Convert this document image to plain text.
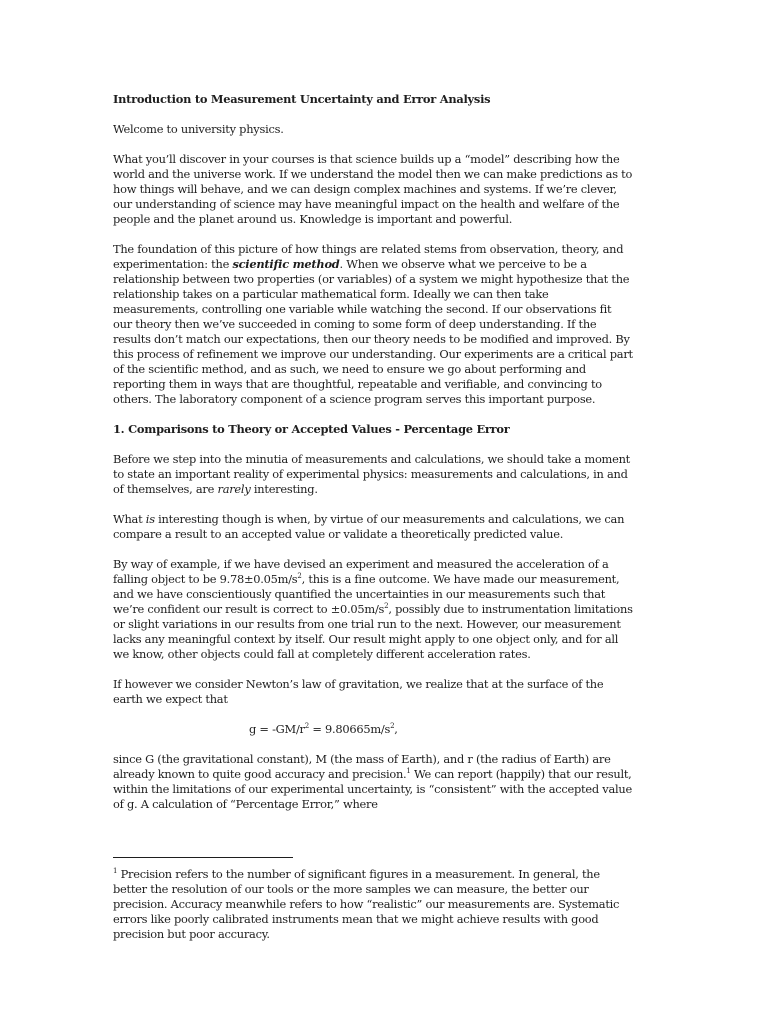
Introduction to Measurement Uncertainty and Error Analysis

Welcome to university physics.

What you’ll discover in your courses is that science builds up a “model” describing how the world and the universe work. If we understand the model then we can make predictions as to how things will behave, and we can design complex machines and systems. If we’re clever, our understanding of science may have meaningful impact on the health and welfare of the people and the planet around us. Knowledge is important and powerful.

The foundation of this picture of how things are related stems from observation, theory, and experimentation: the scientific method. When we observe what we perceive to be a relationship between two properties (or variables) of a system we might hypothesize that the relationship takes on a particular mathematical form. Ideally we can then take measurements, controlling one variable while watching the second. If our observations fit our theory then we’ve succeeded in coming to some form of deep understanding. If the results don’t match our expectations, then our theory needs to be modified and improved. By this process of refinement we improve our understanding. Our experiments are a critical part of the scientific method, and as such, we need to ensure we go about performing and reporting them in ways that are thoughtful, repeatable and verifiable, and convincing to others. The laboratory component of a science program serves this important purpose.

1. Comparisons to Theory or Accepted Values - Percentage Error

Before we step into the minutia of measurements and calculations, we should take a moment to state an important reality of experimental physics: measurements and calculations, in and of themselves, are rarely interesting.

What is interesting though is when, by virtue of our measurements and calculations, we can compare a result to an accepted value or validate a theoretically predicted value.

By way of example, if we have devised an experiment and measured the acceleration of a falling object to be $9.78\pm 0.05m/s^2$, this is a fine outcome. We have made our measurement, and we have conscientiously quantified the uncertainties in our measurements such that we’re confident our result is correct to $\pm 0.05m/s^2$, possibly due to instrumentation limitations or slight variations in our results from one trial run to the next. However, our measurement lacks any meaningful context by itself. Our result might apply to one object only, and for all we know, other objects could fall at completely different acceleration rates.

If however we consider Newton’s law of gravitation, we realize that at the surface of the earth we expect that

$g = -GM/r^2 = 9.80665m/s^2$,

since G (the gravitational constant), M (the mass of Earth), and r (the radius of Earth) are already known to quite good accuracy and precision.$^1$ We can report (happily) that our result, within the limitations of our experimental uncertainty, is “consistent” with the accepted value of g. A calculation of “Percentage Error,” where

$^1$ Precision refers to the number of significant figures in a measurement. In general, the better the resolution of our tools or the more samples we can measure, the better our precision. Accuracy meanwhile refers to how “realistic” our measurements are. Systematic errors like poorly calibrated instruments mean that we might achieve results with good precision but poor accuracy.
